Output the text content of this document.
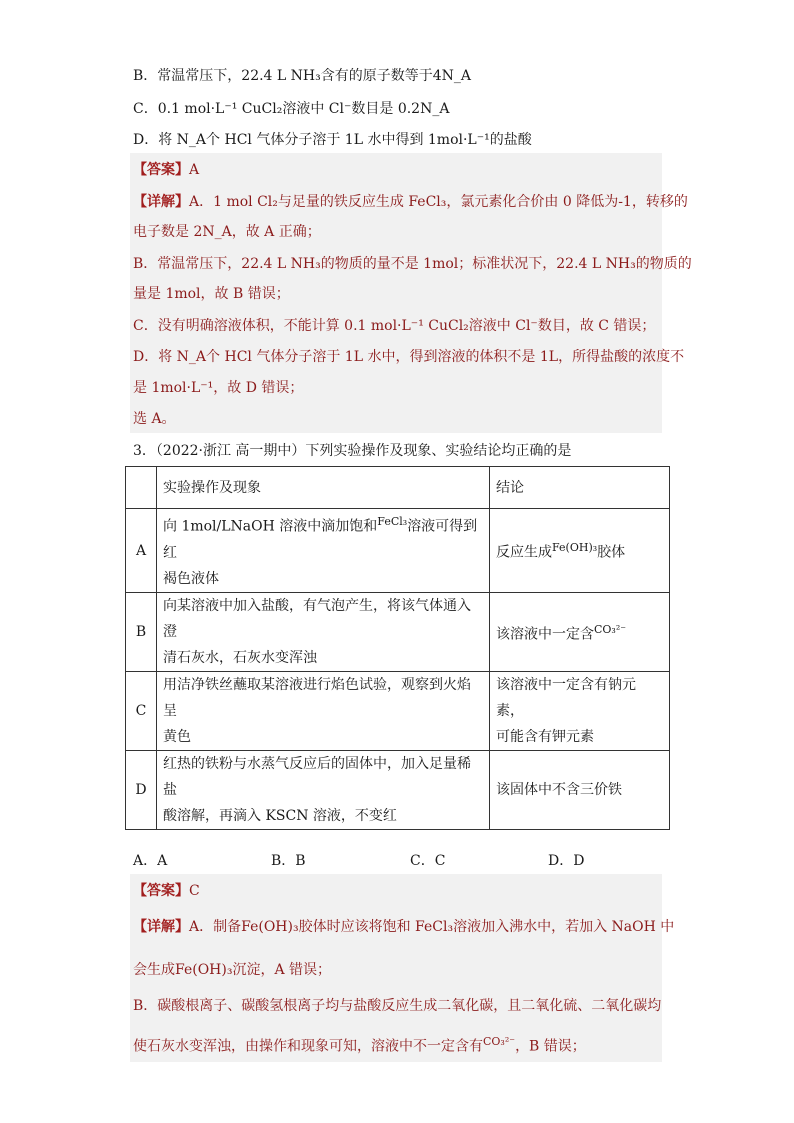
B．常温常压下，22.4 L NH₃含有的原子数等于4N_A
C．0.1 mol·L⁻¹ CuCl₂溶液中 Cl⁻数目是 0.2N_A
D．将 N_A个 HCl 气体分子溶于 1L 水中得到 1mol·L⁻¹的盐酸
【答案】A
【详解】A．1 mol Cl₂与足量的铁反应生成 FeCl₃，氯元素化合价由 0 降低为-1，转移的
电子数是 2N_A，故 A 正确；
B．常温常压下，22.4 L NH₃的物质的量不是 1mol；标准状况下，22.4 L NH₃的物质的
量是 1mol，故 B 错误；
C．没有明确溶液体积，不能计算 0.1 mol·L⁻¹ CuCl₂溶液中 Cl⁻数目，故 C 错误；
D．将 N_A个 HCl 气体分子溶于 1L 水中，得到溶液的体积不是 1L，所得盐酸的浓度不
是 1mol·L⁻¹，故 D 错误；
选 A。
3．（2022·浙江 高一期中）下列实验操作及现象、实验结论均正确的是
	实验操作及现象	结论
A	向 1mol/LNaOH 溶液中滴加饱和$^{FeCl_3}$溶液可得到红
褐色液体	反应生成$^{Fe(OH)_3}$胶体
B	向某溶液中加入盐酸，有气泡产生，将该气体通入澄
清石灰水，石灰水变浑浊	该溶液中一定含$^{CO_3^{2-}}$
C	用洁净铁丝蘸取某溶液进行焰色试验，观察到火焰呈
黄色	该溶液中一定含有钠元素，
可能含有钾元素
D	红热的铁粉与水蒸气反应后的固体中，加入足量稀盐
酸溶解，再滴入 KSCN 溶液，不变红	该固体中不含三价铁
A．A	B．B	C．C	D．D
【答案】C
【详解】A．制备Fe(OH)₃胶体时应该将饱和 FeCl₃溶液加入沸水中，若加入 NaOH 中
会生成Fe(OH)₃沉淀，A 错误；
B．碳酸根离子、碳酸氢根离子均与盐酸反应生成二氧化碳，且二氧化硫、二氧化碳均
使石灰水变浑浊，由操作和现象可知，溶液中不一定含有$^{CO_3^{2-}}$，B 错误；
